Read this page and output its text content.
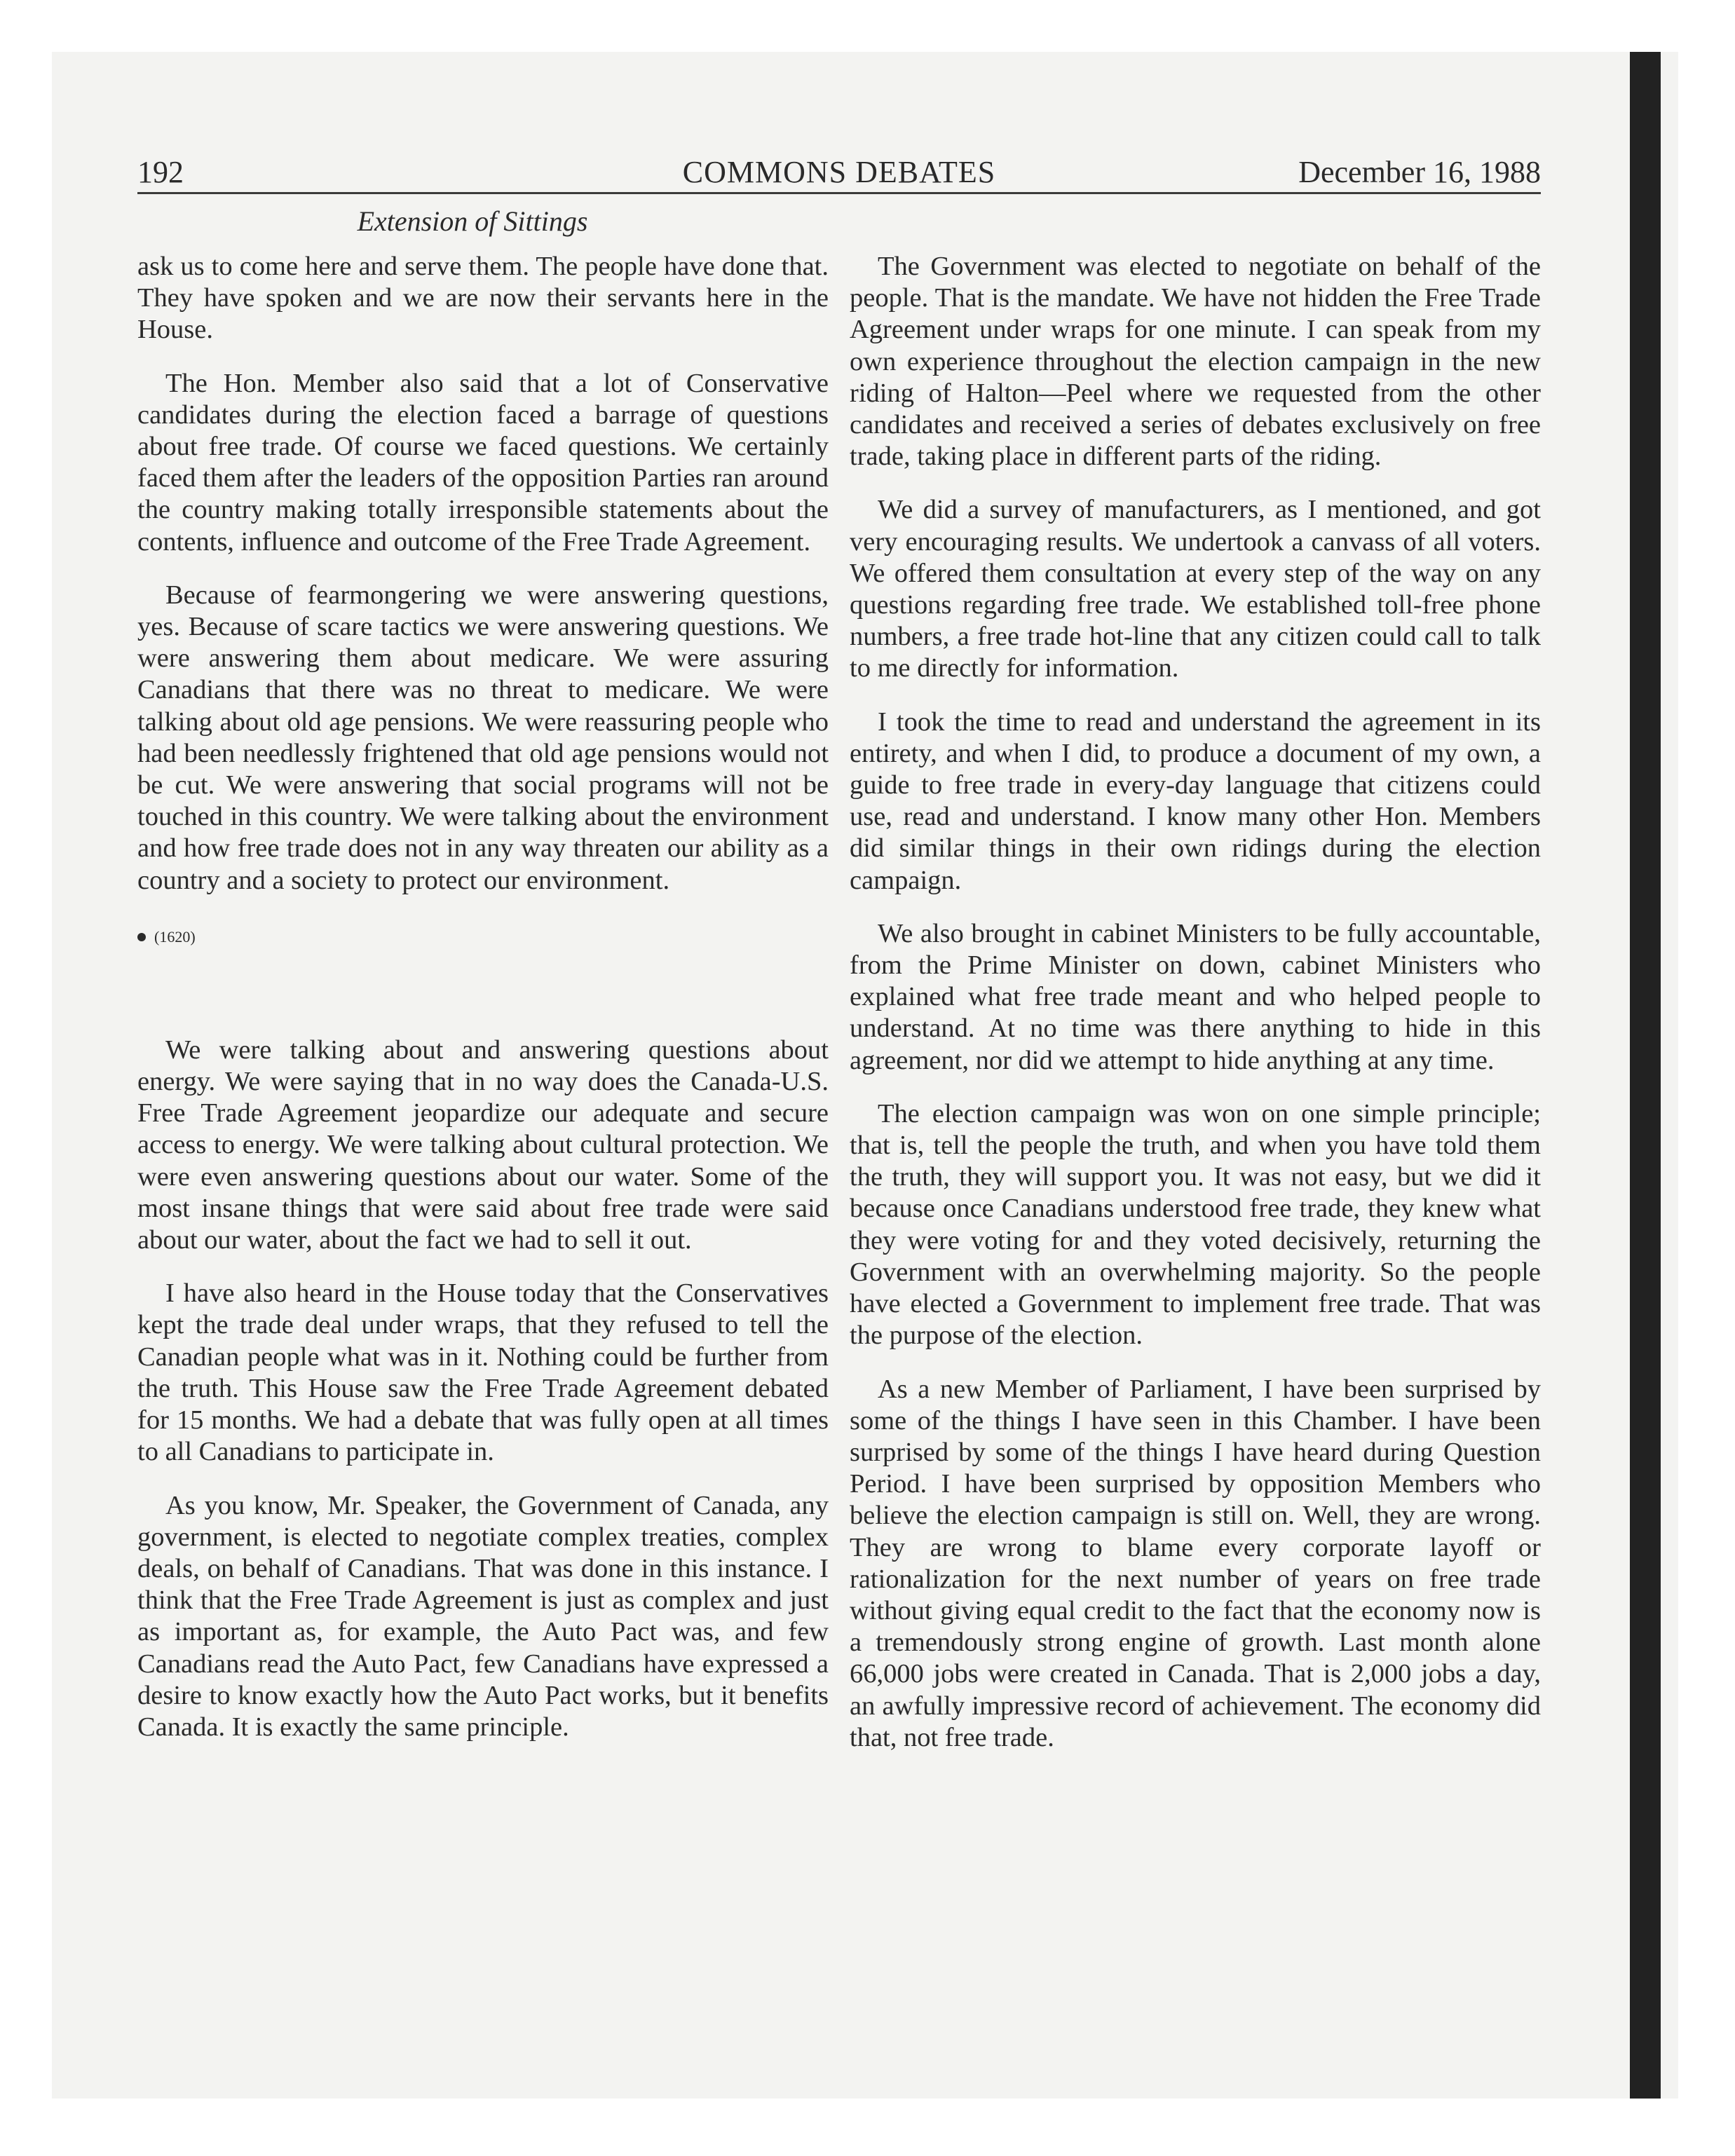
192	COMMONS DEBATES	December 16, 1988
Extension of Sittings

ask us to come here and serve them. The people have done that. They have spoken and we are now their servants here in the House.

The Hon. Member also said that a lot of Conservative candidates during the election faced a barrage of questions about free trade. Of course we faced questions. We certainly faced them after the leaders of the opposition Parties ran around the country making totally irresponsible statements about the contents, influence and outcome of the Free Trade Agreement.

Because of fearmongering we were answering questions, yes. Because of scare tactics we were answering questions. We were answering them about medicare. We were assuring Canadians that there was no threat to medicare. We were talking about old age pensions. We were reassuring people who had been needlessly frightened that old age pensions would not be cut. We were answering that social programs will not be touched in this country. We were talking about the environment and how free trade does not in any way threaten our ability as a country and a society to protect our environment.

(1620)

We were talking about and answering questions about energy. We were saying that in no way does the Canada-U.S. Free Trade Agreement jeopardize our adequate and secure access to energy. We were talking about cultural protection. We were even answering questions about our water. Some of the most insane things that were said about free trade were said about our water, about the fact we had to sell it out.

I have also heard in the House today that the Conservatives kept the trade deal under wraps, that they refused to tell the Canadian people what was in it. Nothing could be further from the truth. This House saw the Free Trade Agreement debated for 15 months. We had a debate that was fully open at all times to all Canadians to participate in.

As you know, Mr. Speaker, the Government of Canada, any government, is elected to negotiate complex treaties, complex deals, on behalf of Canadians. That was done in this instance. I think that the Free Trade Agreement is just as complex and just as important as, for example, the Auto Pact was, and few Canadians read the Auto Pact, few Canadians have expressed a desire to know exactly how the Auto Pact works, but it benefits Canada. It is exactly the same principle.

The Government was elected to negotiate on behalf of the people. That is the mandate. We have not hidden the Free Trade Agreement under wraps for one minute. I can speak from my own experience throughout the election campaign in the new riding of Halton—Peel where we requested from the other candidates and received a series of debates exclusively on free trade, taking place in different parts of the riding.

We did a survey of manufacturers, as I mentioned, and got very encouraging results. We undertook a canvass of all voters. We offered them consultation at every step of the way on any questions regarding free trade. We established toll-free phone numbers, a free trade hot-line that any citizen could call to talk to me directly for information.

I took the time to read and understand the agreement in its entirety, and when I did, to produce a document of my own, a guide to free trade in every-day language that citizens could use, read and understand. I know many other Hon. Members did similar things in their own ridings during the election campaign.

We also brought in cabinet Ministers to be fully accountable, from the Prime Minister on down, cabinet Ministers who explained what free trade meant and who helped people to understand. At no time was there anything to hide in this agreement, nor did we attempt to hide anything at any time.

The election campaign was won on one simple principle; that is, tell the people the truth, and when you have told them the truth, they will support you. It was not easy, but we did it because once Canadians understood free trade, they knew what they were voting for and they voted decisively, returning the Government with an overwhelming majority. So the people have elected a Government to implement free trade. That was the purpose of the election.

As a new Member of Parliament, I have been surprised by some of the things I have seen in this Chamber. I have been surprised by some of the things I have heard during Question Period. I have been surprised by opposition Members who believe the election campaign is still on. Well, they are wrong. They are wrong to blame every corporate layoff or rationalization for the next number of years on free trade without giving equal credit to the fact that the economy now is a tremendously strong engine of growth. Last month alone 66,000 jobs were created in Canada. That is 2,000 jobs a day, an awfully impressive record of achievement. The economy did that, not free trade.
